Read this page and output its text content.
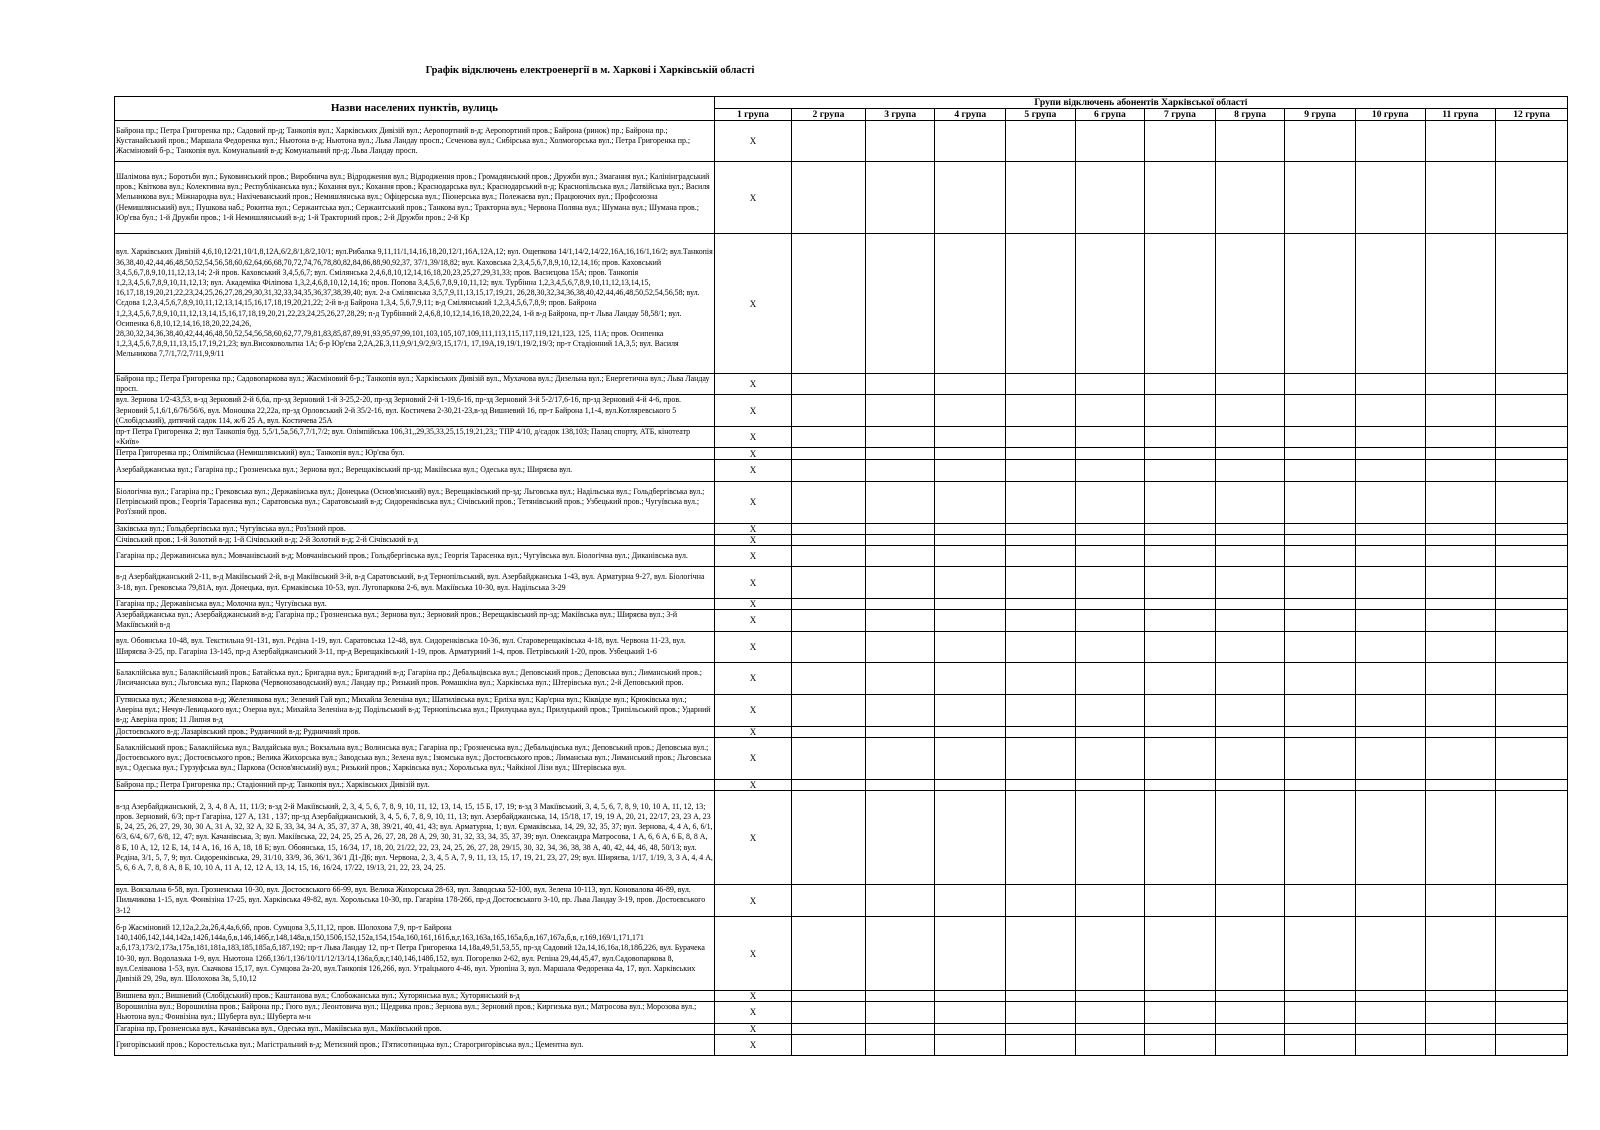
Графік відключень електроенергії в м. Харкові і Харківській області
Назви населених пунктів, вулиць	Групи відключень абонентів Харківської області											
	1 група	2 група	3 група	4 група	5 група	6 група	7 група	8 група	9 група	10 група	11 група	12 група
Байрона пр.; Петра Григоренка пр.; Садовий пр-д; Танкопія вул.; Харківських Дивізій вул.; Аеропортний в-д; Аеропортний пров.; Байрона (ринок) пр.; Байрона пр.; Кустанайський пров.; Маршала Федоренка вул.; Ньютона в-д; Ньютона вул.; Льва Ландау просп.; Сєченова вул.; Сибірська вул.; Холмогорська вул.; Петра Григоренка пр.; Жасміновий б-р.; Танкопія вул. Комунальний в-д; Комунальний пр-д; Льва Ландау просп.	X											
Шалімова вул.; Боротьби вул.; Буковинський пров.; Виробнича вул.; Відродження вул.; Відродження пров.; Громадянський пров.; Дружби вул.; Змагання вул.; Калінінградський пров.; Квіткова вул.; Колективна вул.; Республіканська вул.; Кохання вул.; Кохання пров.; Краснодарська вул.; Краснодарський в-д; Краснопільська вул.; Латвійська вул.; Василя Мельникова вул.; Міжнародна вул.; Нахічеванський пров.; Немишлянська вул.; Офіцерська вул.; Піонерська вул.; Полежаєва вул.; Працюючих вул.; Профсоюзна (Немишлянський) вул.; Пушкова наб.; Рокитна вул.; Сержантська вул.; Сержантський пров.; Танкова вул.; Тракторна вул.; Червона Поляна вул.; Шумана вул.; Шумана пров.; Юр'єва бул.; 1-й Дружби пров.; 1-й Немишлянський в-д; 1-й Тракторний пров.; 2-й Дружби пров.; 2-й Кр	X											
вул. Харківських Дивізій 4,6,10,12/21,10/1,8,12А,6/2,8/1,8/2,10/1; вул.Рибалка 9,11,11/1,14,16,18,20,12/1,16А,12А,12; вул. Ощепкова 14/1,14/2,14/22,16А,16,16/1,16/2; вул.Танкопія 36,38,40,42,44,46,48,50,52,54,56,58,60,62,64,66,68,70,72,74,76,78,80,82,84,86,88,90,92,37, 37/1,39/18,82; вул. Каховська 2,3,4,5,6,7,8,9,10,12,14,16; пров. Каховський 3,4,5,6,7,8,9,10,11,12,13,14; 2-й пров. Каховський 3,4,5,6,7; вул. Смілянська 2,4,6,8,10,12,14,16,18,20,23,25,27,29,31,33; пров. Васнєцова 15А; пров. Танкопія 1,2,3,4,5,6,7,8,9,10,11,12,13; вул. Академіка Філіпова 1,3,2,4,6,8,10,12,14,16; пров. Попова 3,4,5,6,7,8,9,10,11,12; вул. Турбінна 1,2,3,4,5,6,7,8,9,10,11,12,13,14,15, 16,17,18,19,20,21,22,23,24,25,26,27,28,29,30,31,32,33,34,35,36,37,38,39,40; вул. 2-а Смілянська 3,5,7,9,11,13,15,17,19,21, 26,28,30,32,34,36,38,40,42,44,46,48,50,52,54,56,58; вул. Сєдова 1,2,3,4,5,6,7,8,9,10,11,12,13,14,15,16,17,18,19,20,21,22; 2-й в-д Байрона 1,3,4, 5,6,7,9,11; в-д Смілянський 1,2,3,4,5,6,7,8,9; пров. Байрона 1,2,3,4,5,6,7,8,9,10,11,12,13,14,15,16,17,18,19,20,21,22,23,24,25,26,27,28,29; п-д Турбінний 2,4,6,8,10,12,14,16,18,20,22,24, 1-й в-д Байрона, пр-т Льва Ландау 58,58/1; вул. Осипенка 6,8,10,12,14,16,18,20,22,24,26, 28,30,32,34,36,38,40,42,44,46,48,50,52,54,56,58,60,62,77,79,81,83,85,87,89,91,93,95,97,99,101,103,105,107,109,111,113,115,117,119,121,123, 125, 11А; пров. Осипенка 1,2,3,4,5,6,7,8,9,11,13,15,17,19,21,23; вул.Високовольтна 1А; б-р Юр'єва 2,2А,2Б,3,11,9,9/1,9/2,9/3,15,17/1, 17,19А,19,19/1,19/2,19/3; пр-т Стадіонний 1А,3,5; вул. Василя Мельникова 7,7/1,7/2,7/11,9,9/11	X											
Байрона пр.; Петра Григоренка пр.; Садовопаркова вул.; Жасміновий б-р.; Танкопія вул.; Харківських Дивізій вул., Мухачова вул.; Дизельна вул.; Енергетична вул.; Льва Ландау просп.	X											
вул. Зернова 1/2-43,53, в-зд Зерновий 2-й 6,6а, пр-зд Зерновий 1-й 3-25,2-20, пр-зд Зерновий 2-й 1-19,6-16, пр-зд Зерновий 3-й 5-2/17,6-16, пр-зд Зерновий 4-й 4-6, пров. Зерновий 5,1,6/1,6/76/56/6, вул. Моношка 22,22а, пр-зд Орловський 2-й 35/2-16, вул. Костичева 2-30,21-23,в-зд Вишневий 16, пр-т Байрона 1,1-4, вул.Котляревського 5 (Слобідський), дитячий садок 114, ж/б 25 А, вул. Костичева 25А	X											
пр-т Петра Григоренка 2; вул Танкопія буд. 5,5/1,5а,56,7,7/1,7/2; вул. Олімпійська 106,31,,29,35,33,25,15,19,21,23,; ТПР 4/10, д/садок 138,103; Палац спорту, АТБ, кінотеатр «Київ»	X											
Петра Григоренка пр.; Олімпійська (Немишлянський) вул.; Танкопія вул.; Юр'єва бул.	X											
Азербайджанська вул.; Гагаріна пр.; Грозненська вул.; Зернова вул.; Верещаківський пр-зд; Макіївська вул.; Одеська вул.; Ширяєва вул.	X											
Біологічна вул.; Гагаріна пр.; Грековська вул.; Державінська вул.; Донецька (Основ'янський) вул.; Верещаківський пр-зд; Льговська вул.; Надільська вул.; Гольдбергівська вул.; Петрівський пров.; Георгія Тарасенка вул.; Саратовська вул.; Саратовський в-д; Сидоренківська вул.; Січівський пров.; Тетянівський пров.; Узбецький пров.; Чугуївська вул.; Роз'їзний пров.	X											
Заківська вул.; Гольдбергівська вул.; Чугуївська вул.; Роз'їзний пров.	X											
Січівський пров.; 1-й Золотий в-д; 1-й Січівський в-д; 2-й Золотий в-д; 2-й Січівський в-д	X											
Гагаріна пр.; Державинська вул.; Мовчанівський в-д; Мовчанівський пров.; Гольдбергівська вул.; Георгія Тарасенка вул.; Чугуївська вул. Біологічна вул.; Диканівська вул.	X											
в-д Азербайджанський 2-11, в-д Макіївський 2-й, в-д Макіївський 3-й, в-д Саратовський, в-д Тернопільський, вул. Азербайджанська 1-43, вул. Арматурна 9-27, вул. Біологічна 3-18, вул. Грековська 79,81А, вул. Донецька, вул. Єрмаківська 10-53, вул. Лугопаркова 2-6, вул. Макіївська 10-30, вул. Надільська 3-29	X											
Гагаріна пр.; Державінська вул.; Молочна вул.; Чугуївська вул.	X											
Азербайджанська вул.; Азербайджанський в-д; Гагаріна пр.; Грозненська вул.; Зернова вул.; Зерновий пров.; Верещаківський пр-зд; Макіївська вул.; Ширяєва вул.; 3-й Макіївський в-д	X											
вул. Обоянська 10-48, вул. Текстильна 91-131, вул. Рєдіна 1-19, вул. Саратовська 12-48, вул. Сидоренківська 10-36, вул. Староверещаківська 4-18, вул. Червона 11-23, вул. Ширяєва 3-25, пр. Гагаріна 13-145, пр-д Азербайджанський 3-11, пр-д Верещаківський 1-19, пров. Арматурний 1-4, пров. Петрівський 1-20, пров. Узбецький 1-6	X											
Балаклійська вул.; Балаклійський пров.; Батайська вул.; Бригадна вул.; Бригадний в-д; Гагаріна пр.; Дебальцівська вул.; Деповський пров.; Деповська вул.; Лиманський пров.; Лисичанська вул.; Льговська вул.; Паркова (Червонозаводський) вул.; Ландау пр.; Ризький пров. Ромашкіна вул.; Харківська вул.; Штерівська вул.; 2-й Деповський пров.	X											
Гутянська вул.; Железнякова в-д; Железнякова вул.; Зелений Гай вул.; Михайла Зеленіна вул.; Шатилівська вул.; Ерліха вул.; Кар'єрна вул.; Кіквідзе вул.; Крюківська вул.; Аверіна вул.; Нечуя-Левицького вул.; Озерна вул.; Михайла Зеленіна в-д; Подільський в-д; Тернопільська вул.; Прилуцька вул.; Прилуцький пров.; Трипільський пров.; Ударний в-д; Аверіна пров; 11 Липня в-д	X											
Достоєвського в-д; Лазарівський пров.; Рудничний в-д; Рудничний пров.	X											
Балаклійський пров.; Балаклійська вул.; Валдайська вул.; Вокзальна вул.; Волинська вул.; Гагаріна пр.; Грозненська вул.; Дебальцівська вул.; Деповський пров.; Деповська вул.; Достоєвського вул.; Достоєвського пров.; Велика Жихорська вул.; Заводська вул.; Зелена вул.; Ізюмська вул.; Достоєвського пров.; Лиманська вул.; Лиманський пров.; Льговська вул.; Одеська вул.; Гурзуфська вул.; Паркова (Основ'янський) вул.; Ризький пров.; Харківська вул.; Хорольська вул.; Чайкіної Лізи вул.; Штерівська вул.	X											
Байрона пр.; Петра Григоренка пр.; Стадіонний пр-д; Танкопія вул.; Харківських Дивізій вул.	X											
в-зд Азербайджанський, 2, 3, 4, 8 А, 11, 11/3; в-зд 2-й Макіївський, 2, 3, 4, 5, 6, 7, 8, 9, 10, 11, 12, 13, 14, 15, 15 Б, 17, 19; в-зд 3 Макіївський, 3, 4, 5, 6, 7, 8, 9, 10, 10 А, 11, 12, 13; пров. Зерновий, 6/3; пр-т Гагаріна, 127 А, 131 , 137; пр-зд Азербайджанський, 3, 4, 5, 6, 7, 8, 9, 10, 11, 13; вул. Азербайджанська, 14, 15/18, 17, 19, 19 А, 20, 21, 22/17, 23, 23 А, 23 Б, 24, 25, 26, 27, 29, 30, 30 А, 31 А, 32, 32 А, 32 Б, 33, 34, 34 А, 35, 37, 37 А, 38, 39/21, 40, 41, 43; вул. Арматурна, 1; вул. Єрмаківська, 14, 29, 32, 35, 37; вул. Зернова, 4, 4 А, 6, 6/1, 6/3, 6/4, 6/7, 6/8, 12, 47; вул. Качанівська, 3; вул. Макіївська, 22, 24, 25, 25 А, 26, 27, 28, 28 А, 29, 30, 31, 32, 33, 34, 35, 37, 39; вул. Олександра Матросова, 1 А, 6, 6 А, 6 Б, 8, 8 А, 8 Б, 10 А, 12, 12 Б, 14, 14 А, 16, 16 А, 18, 18 Б; вул. Обоянська, 15, 16/34, 17, 18, 20, 21/22, 22, 23, 24, 25, 26, 27, 28, 29/15, 30, 32, 34, 36, 38, 38 А, 40, 42, 44, 46, 48, 50/13; вул. Рєдіна, 3/1, 5, 7, 9; вул. Сидоренківська, 29, 31/10, 33/9, 36, 36/1, 36/1 Д1-Д6; вул. Червона, 2, 3, 4, 5 А, 7, 9, 11, 13, 15, 17, 19, 21, 23, 27, 29; вул. Ширяєва, 1/17, 1/19, 3, 3 А, 4, 4 А, 5, 6, 6 А, 7, 8, 8 А, 8 Б, 10, 10 А, 11 А, 12, 12 А, 13, 14, 15, 16, 16/24, 17/22, 19/13, 21, 22, 23, 24, 25.	X											
вул. Вокзальна 6-58, вул. Грозненська 10-30, вул. Достоєвського 66-99, вул. Велика Жихорська 28-63, вул. Заводська 52-100, вул. Зелена 10-113, вул. Коновалова 46-89, вул. Пильчикова 1-15, вул. Фонвізіна 17-25, вул. Харківська 49-82, вул. Хорольська 10-30, пр. Гагаріна 178-266, пр-д Достоєвського 3-10, пр. Льва Ландау 3-19, пров. Достоєвського 3-12	X											
б-р Жасміновий 12,12а,2,2а,2б,4,4а,6,6б, пров. Сумцова 3,5,11,12, пров. Шолохова 7,9, пр-т Байрона 140,140б,142,144,142а,142б,144а,б,в,146,146б,г,148,148а,в,150,150б,152,152а,154,154а,160,161,161б,в,г,163,163а,165,165а,б,в,167,167а,б,в, г,169,169/1,171,171 а,б,173,173/2,173а,175в,181,181а,183,185,185а,б,187,192; пр-т Льва Ландау 12, пр-т Петра Григоренка 14,18а,49,51,53,55, пр-зд Садовий 12а,14,16,16а,18,18б,226, вул. Бурачека 10-30, вул. Водолазька 1-9, вул. Ньютона 126б,136/1,136/10/11/12/13/14,136а,б,в,г,140,146,148б,152, вул. Погорелко 2-62, вул. Рєпіна 29,44,45,47, вул.Садовопаркова 8, вул.Селіванова 1-53, вул. Скачкова 15,17, вул. Сумцова 2а-20, вул.Танкопія 126,266, вул. Утраїцького 4-46, вул. Урюпіна 3, вул. Маршала Федоренка 4а, 17, вул. Харківських Дивізій 29, 29а, вул. Шолохова 3в, 5,10,12	X											
Вишнева вул.; Вишневий (Слобідський) пров.; Каштанова вул.; Слобожанська вул.; Хуторянська вул.; Хуторянський в-д	X											
Ворошиліна вул.; Ворошиліна пров.; Байрона пр.; Гюго вул.; Леонтовича вул.; Щедрика пров.; Зернова вул.; Зерновий пров.; Киргизька вул.; Матросова вул.; Морозова вул.; Ньютона вул.; Фонвізіна вул.; Шуберта вул.; Шуберта м-н	X											
Гагаріна пр, Грозненська вул., Качанівська вул., Одеська вул., Макіївська вул., Макіївський пров.	X											
Григорівський пров.; Коростельська вул.; Магістральний в-д; Метизний пров.; П'ятисотницька вул.; Старогригорівська вул.; Цементна вул.	X											
